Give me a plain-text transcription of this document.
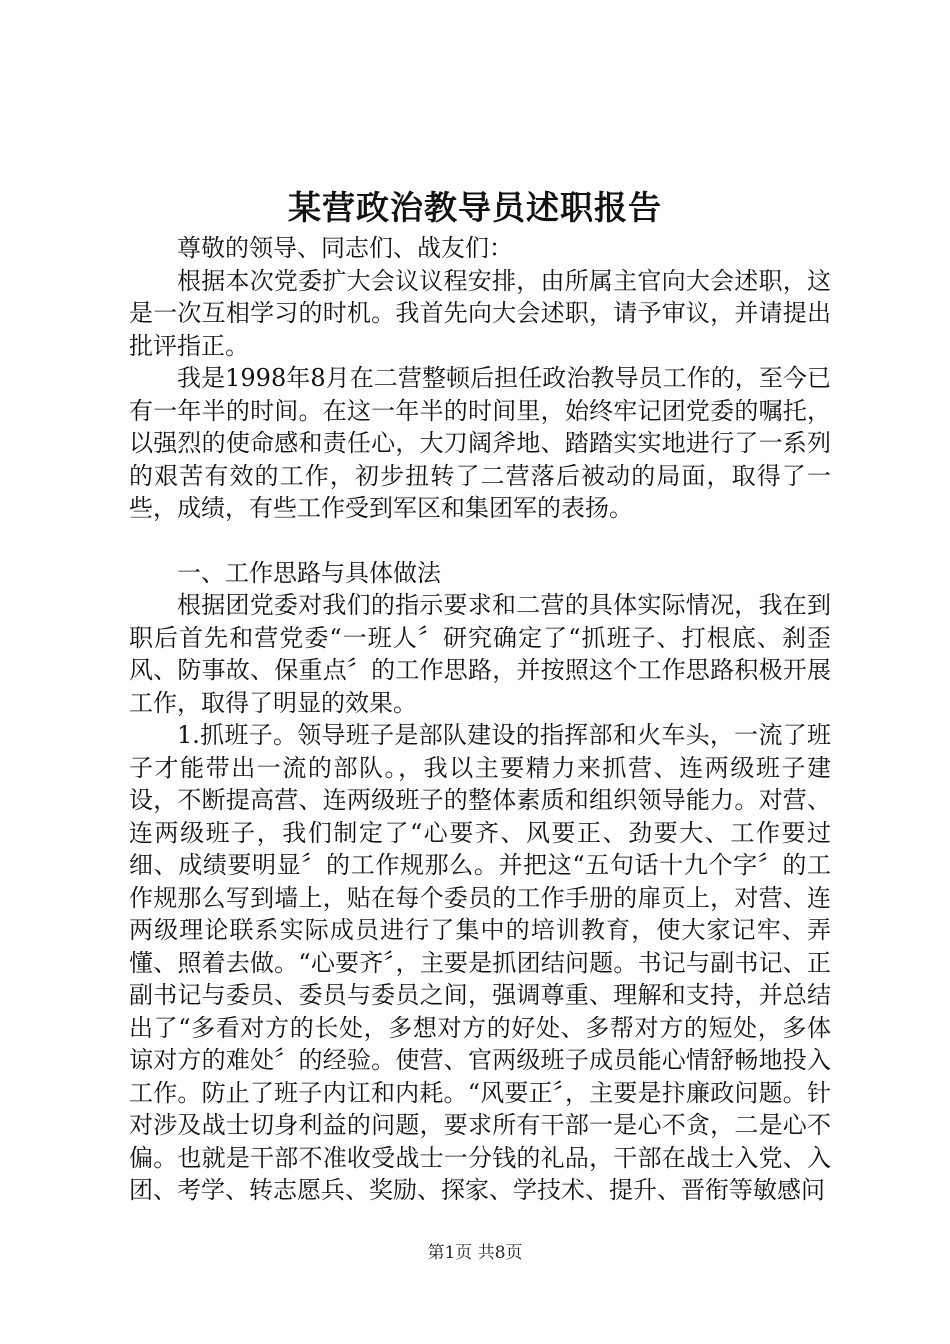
某营政治教导员述职报告

尊敬的领导、同志们、战友们：

根据本次党委扩大会议议程安排，由所属主官向大会述职，这是一次互相学习的时机。我首先向大会述职，请予审议，并请提出批评指正。

我是1998年8月在二营整顿后担任政治教导员工作的，至今已有一年半的时间。在这一年半的时间里，始终牢记团党委的嘱托，以强烈的使命感和责任心，大刀阔斧地、踏踏实实地进行了一系列的艰苦有效的工作，初步扭转了二营落后被动的局面，取得了一些，成绩，有些工作受到军区和集团军的表扬。

一、工作思路与具体做法

根据团党委对我们的指示要求和二营的具体实际情况，我在到职后首先和营党委“一班人〞研究确定了“抓班子、打根底、刹歪风、防事故、保重点〞的工作思路，并按照这个工作思路积极开展工作，取得了明显的效果。

1.抓班子。领导班子是部队建设的指挥部和火车头，一流了班子才能带出一流的部队。，我以主要精力来抓营、连两级班子建设，不断提高营、连两级班子的整体素质和组织领导能力。对营、连两级班子，我们制定了“心要齐、风要正、劲要大、工作要过细、成绩要明显〞的工作规那么。并把这“五句话十九个字〞的工作规那么写到墙上，贴在每个委员的工作手册的扉页上，对营、连两级理论联系实际成员进行了集中的培训教育，使大家记牢、弄懂、照着去做。“心要齐〞，主要是抓团结问题。书记与副书记、正副书记与委员、委员与委员之间，强调尊重、理解和支持，并总结出了“多看对方的长处，多想对方的好处、多帮对方的短处，多体谅对方的难处〞的经验。使营、官两级班子成员能心情舒畅地投入工作。防止了班子内讧和内耗。“风要正〞，主要是抃廉政问题。针对涉及战士切身利益的问题，要求所有干部一是心不贪，二是心不偏。也就是干部不准收受战士一分钱的礼品，干部在战士入党、入团、考学、转志愿兵、奖励、探家、学技术、提升、晋衔等敏感问

第1页 共8页
